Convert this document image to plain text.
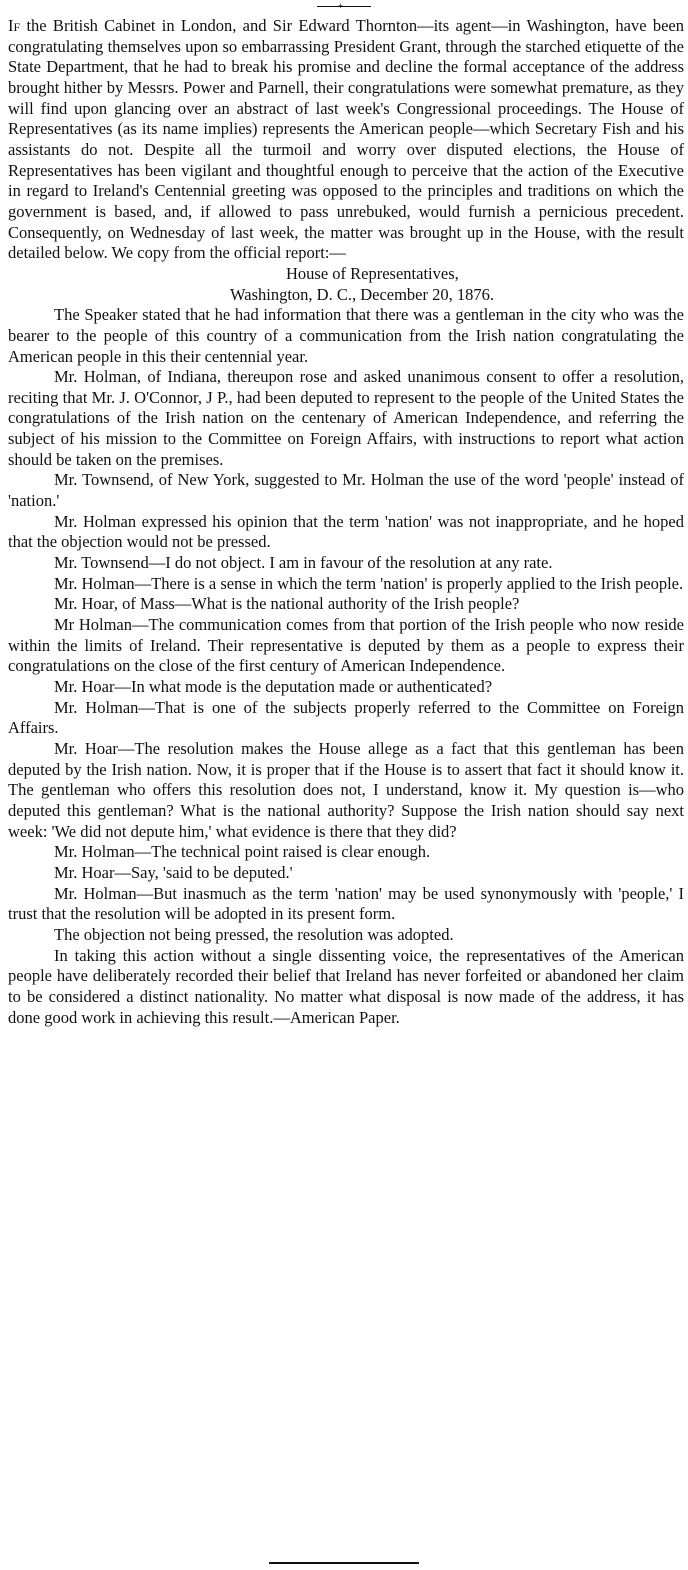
+

If the British Cabinet in London, and Sir Edward Thornton—its agent—in Washington, have been congratulating themselves upon so embarrassing President Grant, through the starched etiquette of the State Department, that he had to break his promise and decline the formal acceptance of the address brought hither by Messrs. Power and Parnell, their congratulations were somewhat premature, as they will find upon glancing over an abstract of last week's Congressional proceedings. The House of Representatives (as its name implies) represents the American people—which Secretary Fish and his assistants do not. Despite all the turmoil and worry over disputed elections, the House of Representatives has been vigilant and thoughtful enough to perceive that the action of the Executive in regard to Ireland's Centennial greeting was opposed to the principles and traditions on which the government is based, and, if allowed to pass unrebuked, would furnish a pernicious precedent. Consequently, on Wednesday of last week, the matter was brought up in the House, with the result detailed below. We copy from the official report:—

House of Representatives,
Washington, D. C., December 20, 1876.

The Speaker stated that he had information that there was a gentleman in the city who was the bearer to the people of this country of a communication from the Irish nation congratulating the American people in this their centennial year.

Mr. Holman, of Indiana, thereupon rose and asked unanimous consent to offer a resolution, reciting that Mr. J. O'Connor, J P., had been deputed to represent to the people of the United States the congratulations of the Irish nation on the centenary of American Independence, and referring the subject of his mission to the Committee on Foreign Affairs, with instructions to report what action should be taken on the premises.

Mr. Townsend, of New York, suggested to Mr. Holman the use of the word 'people' instead of 'nation.'

Mr. Holman expressed his opinion that the term 'nation' was not inappropriate, and he hoped that the objection would not be pressed.

Mr. Townsend—I do not object. I am in favour of the resolution at any rate.

Mr. Holman—There is a sense in which the term 'nation' is properly applied to the Irish people.

Mr. Hoar, of Mass—What is the national authority of the Irish people?

Mr Holman—The communication comes from that portion of the Irish people who now reside within the limits of Ireland. Their representative is deputed by them as a people to express their congratulations on the close of the first century of American Independence.

Mr. Hoar—In what mode is the deputation made or authenticated?

Mr. Holman—That is one of the subjects properly referred to the Committee on Foreign Affairs.

Mr. Hoar—The resolution makes the House allege as a fact that this gentleman has been deputed by the Irish nation. Now, it is proper that if the House is to assert that fact it should know it. The gentleman who offers this resolution does not, I understand, know it. My question is—who deputed this gentleman? What is the national authority? Suppose the Irish nation should say next week: 'We did not depute him,' what evidence is there that they did?

Mr. Holman—The technical point raised is clear enough.

Mr. Hoar—Say, 'said to be deputed.'

Mr. Holman—But inasmuch as the term 'nation' may be used synonymously with 'people,' I trust that the resolution will be adopted in its present form.

The objection not being pressed, the resolution was adopted.

In taking this action without a single dissenting voice, the representatives of the American people have deliberately recorded their belief that Ireland has never forfeited or abandoned her claim to be considered a distinct nationality. No matter what disposal is now made of the address, it has done good work in achieving this result.—American Paper.
